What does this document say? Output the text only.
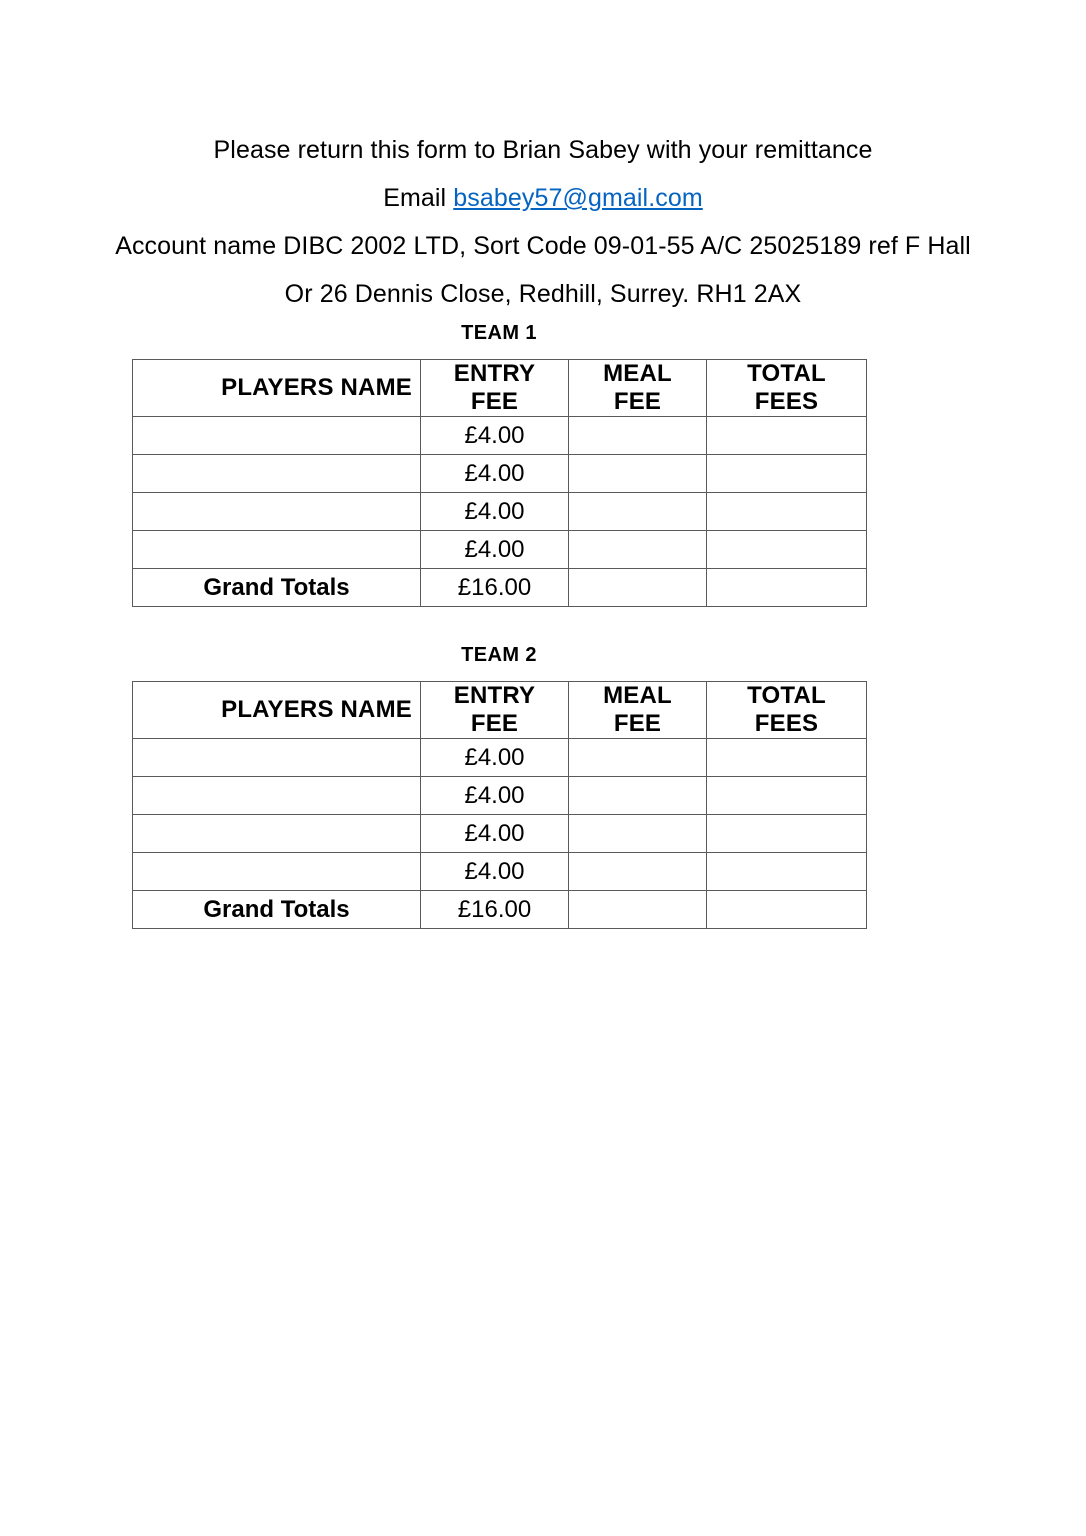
Please return this form to Brian Sabey with your remittance
Email bsabey57@gmail.com
Account name DIBC 2002 LTD, Sort Code 09-01-55 A/C 25025189 ref F Hall
Or 26 Dennis Close, Redhill, Surrey. RH1 2AX
TEAM 1
PLAYERS NAME	ENTRY FEE	MEAL FEE	TOTAL FEES
	£4.00		
	£4.00		
	£4.00		
	£4.00		
Grand Totals	£16.00		
TEAM 2
PLAYERS NAME	ENTRY FEE	MEAL FEE	TOTAL FEES
	£4.00		
	£4.00		
	£4.00		
	£4.00		
Grand Totals	£16.00		
